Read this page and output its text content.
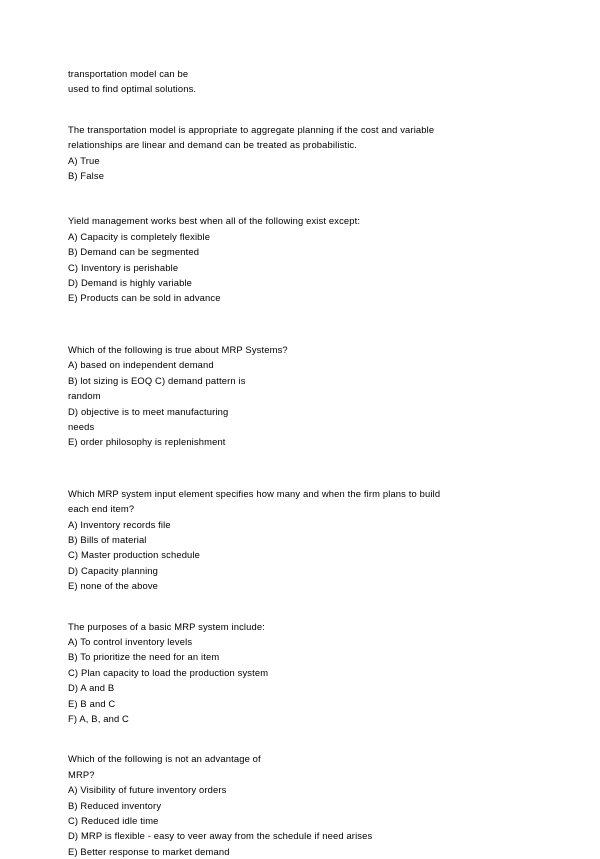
transportation model can be
used to find optimal solutions.
The transportation model is appropriate to aggregate planning if the cost and variable
relationships are linear and demand can be treated as probabilistic.
A) True
B) False
Yield management works best when all of the following exist except:
A) Capacity is completely flexible
B) Demand can be segmented
C) Inventory is perishable
D) Demand is highly variable
E) Products can be sold in advance
Which of the following is true about MRP Systems?
A) based on independent demand
B) lot sizing is EOQ C) demand pattern is
random
D) objective is to meet manufacturing
needs
E) order philosophy is replenishment
Which MRP system input element specifies how many and when the firm plans to build
each end item?
A) Inventory records file
B) Bills of material
C) Master production schedule
D) Capacity planning
E) none of the above
The purposes of a basic MRP system include:
A) To control inventory levels
B) To prioritize the need for an item
C) Plan capacity to load the production system
D) A and B
E) B and C
F) A, B, and C
Which of the following is not an advantage of
MRP?
A) Visibility of future inventory orders
B) Reduced inventory
C) Reduced idle time
D) MRP is flexible - easy to veer away from the schedule if need arises
E) Better response to market demand
